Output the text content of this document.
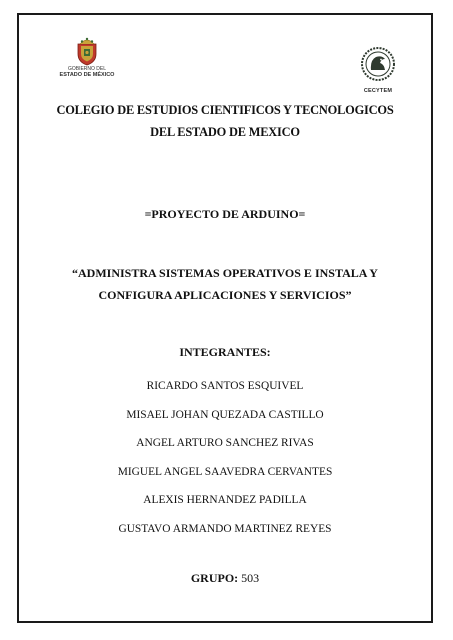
GOBIERNO DEL
ESTADO DE MÉXICO
CECYTEM
COLEGIO DE ESTUDIOS CIENTIFICOS Y TECNOLOGICOS
DEL ESTADO DE MEXICO
=PROYECTO DE ARDUINO=
“ADMINISTRA SISTEMAS OPERATIVOS E INSTALA Y
CONFIGURA APLICACIONES Y SERVICIOS”
INTEGRANTES:
RICARDO SANTOS ESQUIVEL
MISAEL JOHAN QUEZADA CASTILLO
ANGEL ARTURO SANCHEZ RIVAS
MIGUEL ANGEL SAAVEDRA CERVANTES
ALEXIS HERNANDEZ PADILLA
GUSTAVO ARMANDO MARTINEZ REYES
GRUPO: 503
